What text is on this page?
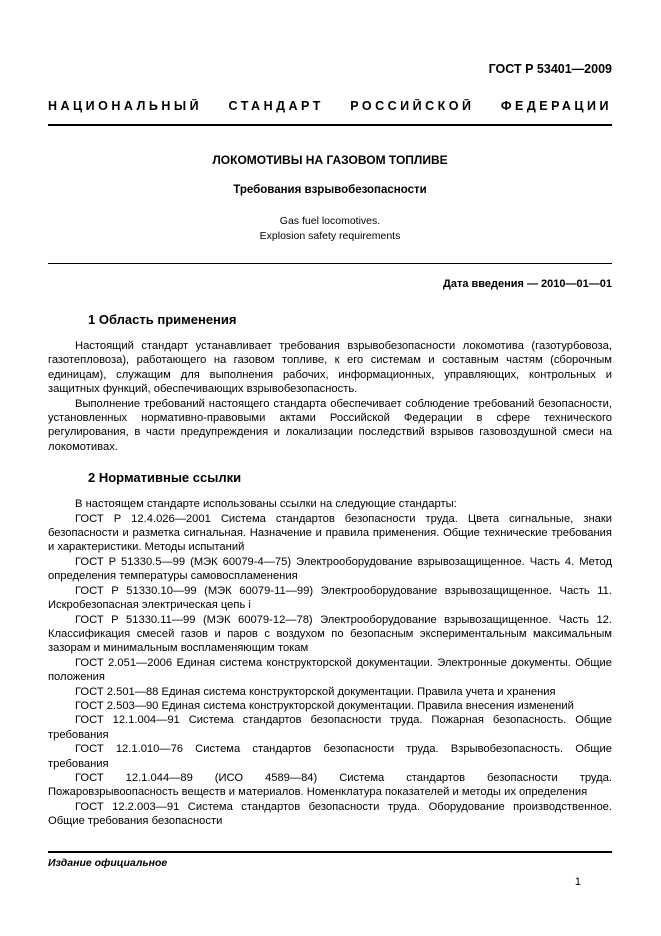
ГОСТ Р 53401—2009
НАЦИОНАЛЬНЫЙ СТАНДАРТ РОССИЙСКОЙ ФЕДЕРАЦИИ
ЛОКОМОТИВЫ НА ГАЗОВОМ ТОПЛИВЕ
Требования взрывобезопасности
Gas fuel locomotives.
Explosion safety requirements
Дата введения — 2010—01—01
1 Область применения

Настоящий стандарт устанавливает требования взрывобезопасности локомотива (газотурбовоза, газотепловоза), работающего на газовом топливе, к его системам и составным частям (сборочным единицам), служащим для выполнения рабочих, информационных, управляющих, контрольных и защитных функций, обеспечивающих взрывобезопасность.

Выполнение требований настоящего стандарта обеспечивает соблюдение требований безопасности, установленных нормативно-правовыми актами Российской Федерации в сфере технического регулирования, в части предупреждения и локализации последствий взрывов газовоздушной смеси на локомотивах.

2 Нормативные ссылки

В настоящем стандарте использованы ссылки на следующие стандарты:

ГОСТ Р 12.4.026—2001 Система стандартов безопасности труда. Цвета сигнальные, знаки безопасности и разметка сигнальная. Назначение и правила применения. Общие технические требования и характеристики. Методы испытаний

ГОСТ Р 51330.5—99 (МЭК 60079-4—75) Электрооборудование взрывозащищенное. Часть 4. Метод определения температуры самовоспламенения

ГОСТ Р 51330.10—99 (МЭК 60079-11—99) Электрооборудование взрывозащищенное. Часть 11. Искробезопасная электрическая цепь i

ГОСТ Р 51330.11—99 (МЭК 60079-12—78) Электрооборудование взрывозащищенное. Часть 12. Классификация смесей газов и паров с воздухом по безопасным экспериментальным максимальным зазорам и минимальным воспламеняющим токам

ГОСТ 2.051—2006 Единая система конструкторской документации. Электронные документы. Общие положения

ГОСТ 2.501—88 Единая система конструкторской документации. Правила учета и хранения

ГОСТ 2.503—90 Единая система конструкторской документации. Правила внесения изменений

ГОСТ 12.1.004—91 Система стандартов безопасности труда. Пожарная безопасность. Общие требования

ГОСТ 12.1.010—76 Система стандартов безопасности труда. Взрывобезопасность. Общие требования

ГОСТ 12.1.044—89 (ИСО 4589—84) Система стандартов безопасности труда. Пожаровзрывоопасность веществ и материалов. Номенклатура показателей и методы их определения

ГОСТ 12.2.003—91 Система стандартов безопасности труда. Оборудование производственное. Общие требования безопасности

Издание официальное
1
